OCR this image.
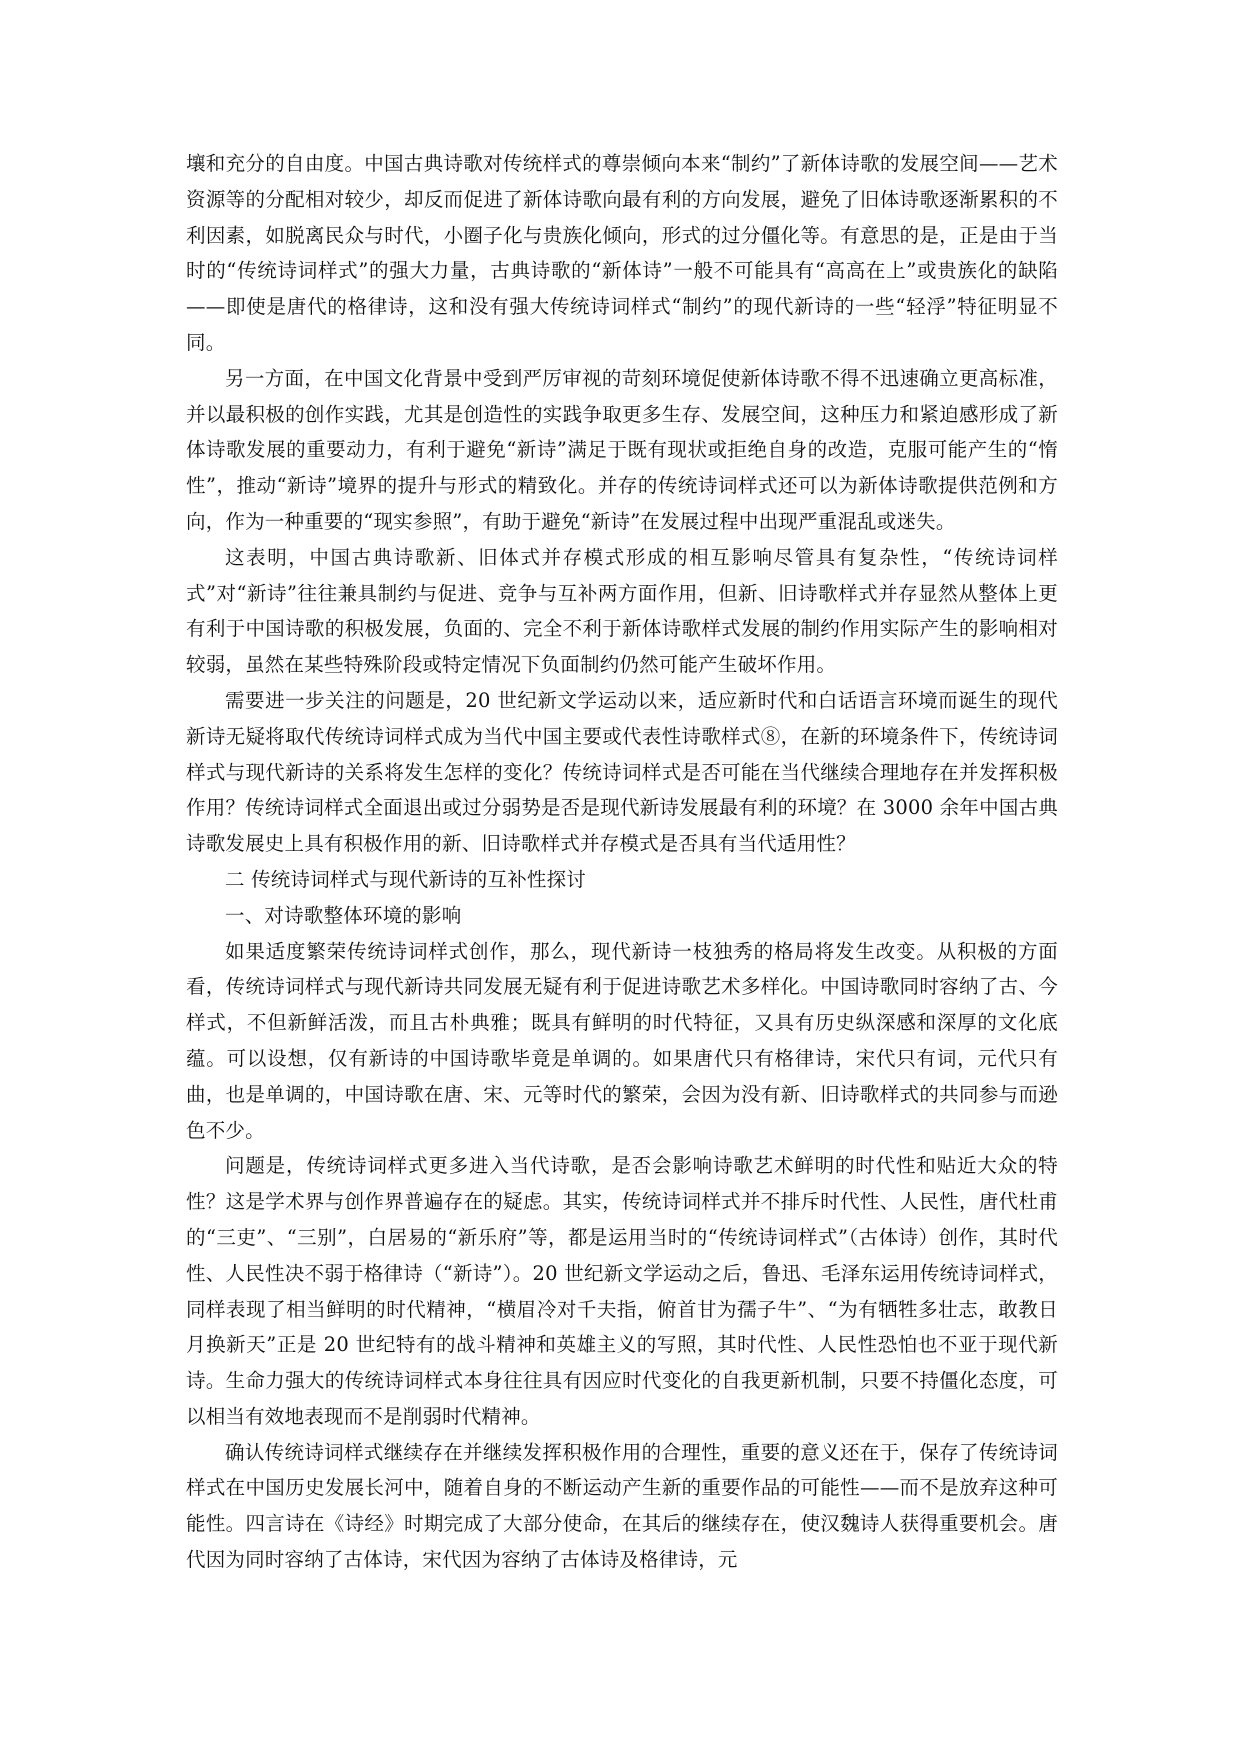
壤和充分的自由度。中国古典诗歌对传统样式的尊崇倾向本来“制约”了新体诗歌的发展空间——艺术资源等的分配相对较少，却反而促进了新体诗歌向最有利的方向发展，避免了旧体诗歌逐渐累积的不利因素，如脱离民众与时代，小圈子化与贵族化倾向，形式的过分僵化等。有意思的是，正是由于当时的“传统诗词样式”的强大力量，古典诗歌的“新体诗”一般不可能具有“高高在上”或贵族化的缺陷——即使是唐代的格律诗，这和没有强大传统诗词样式“制约”的现代新诗的一些“轻浮”特征明显不同。

另一方面，在中国文化背景中受到严厉审视的苛刻环境促使新体诗歌不得不迅速确立更高标准，并以最积极的创作实践，尤其是创造性的实践争取更多生存、发展空间，这种压力和紧迫感形成了新体诗歌发展的重要动力，有利于避免“新诗”满足于既有现状或拒绝自身的改造，克服可能产生的“惰性”，推动“新诗”境界的提升与形式的精致化。并存的传统诗词样式还可以为新体诗歌提供范例和方向，作为一种重要的“现实参照”，有助于避免“新诗”在发展过程中出现严重混乱或迷失。

这表明，中国古典诗歌新、旧体式并存模式形成的相互影响尽管具有复杂性，“传统诗词样式”对“新诗”往往兼具制约与促进、竞争与互补两方面作用，但新、旧诗歌样式并存显然从整体上更有利于中国诗歌的积极发展，负面的、完全不利于新体诗歌样式发展的制约作用实际产生的影响相对较弱，虽然在某些特殊阶段或特定情况下负面制约仍然可能产生破坏作用。

需要进一步关注的问题是，20 世纪新文学运动以来，适应新时代和白话语言环境而诞生的现代新诗无疑将取代传统诗词样式成为当代中国主要或代表性诗歌样式⑧，在新的环境条件下，传统诗词样式与现代新诗的关系将发生怎样的变化？传统诗词样式是否可能在当代继续合理地存在并发挥积极作用？传统诗词样式全面退出或过分弱势是否是现代新诗发展最有利的环境？在 3000 余年中国古典诗歌发展史上具有积极作用的新、旧诗歌样式并存模式是否具有当代适用性？

二 传统诗词样式与现代新诗的互补性探讨

一、对诗歌整体环境的影响

如果适度繁荣传统诗词样式创作，那么，现代新诗一枝独秀的格局将发生改变。从积极的方面看，传统诗词样式与现代新诗共同发展无疑有利于促进诗歌艺术多样化。中国诗歌同时容纳了古、今样式，不但新鲜活泼，而且古朴典雅；既具有鲜明的时代特征，又具有历史纵深感和深厚的文化底蕴。可以设想，仅有新诗的中国诗歌毕竟是单调的。如果唐代只有格律诗，宋代只有词，元代只有曲，也是单调的，中国诗歌在唐、宋、元等时代的繁荣，会因为没有新、旧诗歌样式的共同参与而逊色不少。

问题是，传统诗词样式更多进入当代诗歌，是否会影响诗歌艺术鲜明的时代性和贴近大众的特性？这是学术界与创作界普遍存在的疑虑。其实，传统诗词样式并不排斥时代性、人民性，唐代杜甫的“三吏”、“三别”，白居易的“新乐府”等，都是运用当时的“传统诗词样式”（古体诗）创作，其时代性、人民性决不弱于格律诗（“新诗”）。20 世纪新文学运动之后，鲁迅、毛泽东运用传统诗词样式，同样表现了相当鲜明的时代精神，“横眉冷对千夫指，俯首甘为孺子牛”、“为有牺牲多壮志，敢教日月换新天”正是 20 世纪特有的战斗精神和英雄主义的写照，其时代性、人民性恐怕也不亚于现代新诗。生命力强大的传统诗词样式本身往往具有因应时代变化的自我更新机制，只要不持僵化态度，可以相当有效地表现而不是削弱时代精神。

确认传统诗词样式继续存在并继续发挥积极作用的合理性，重要的意义还在于，保存了传统诗词样式在中国历史发展长河中，随着自身的不断运动产生新的重要作品的可能性——而不是放弃这种可能性。四言诗在《诗经》时期完成了大部分使命，在其后的继续存在，使汉魏诗人获得重要机会。唐代因为同时容纳了古体诗，宋代因为容纳了古体诗及格律诗，元
